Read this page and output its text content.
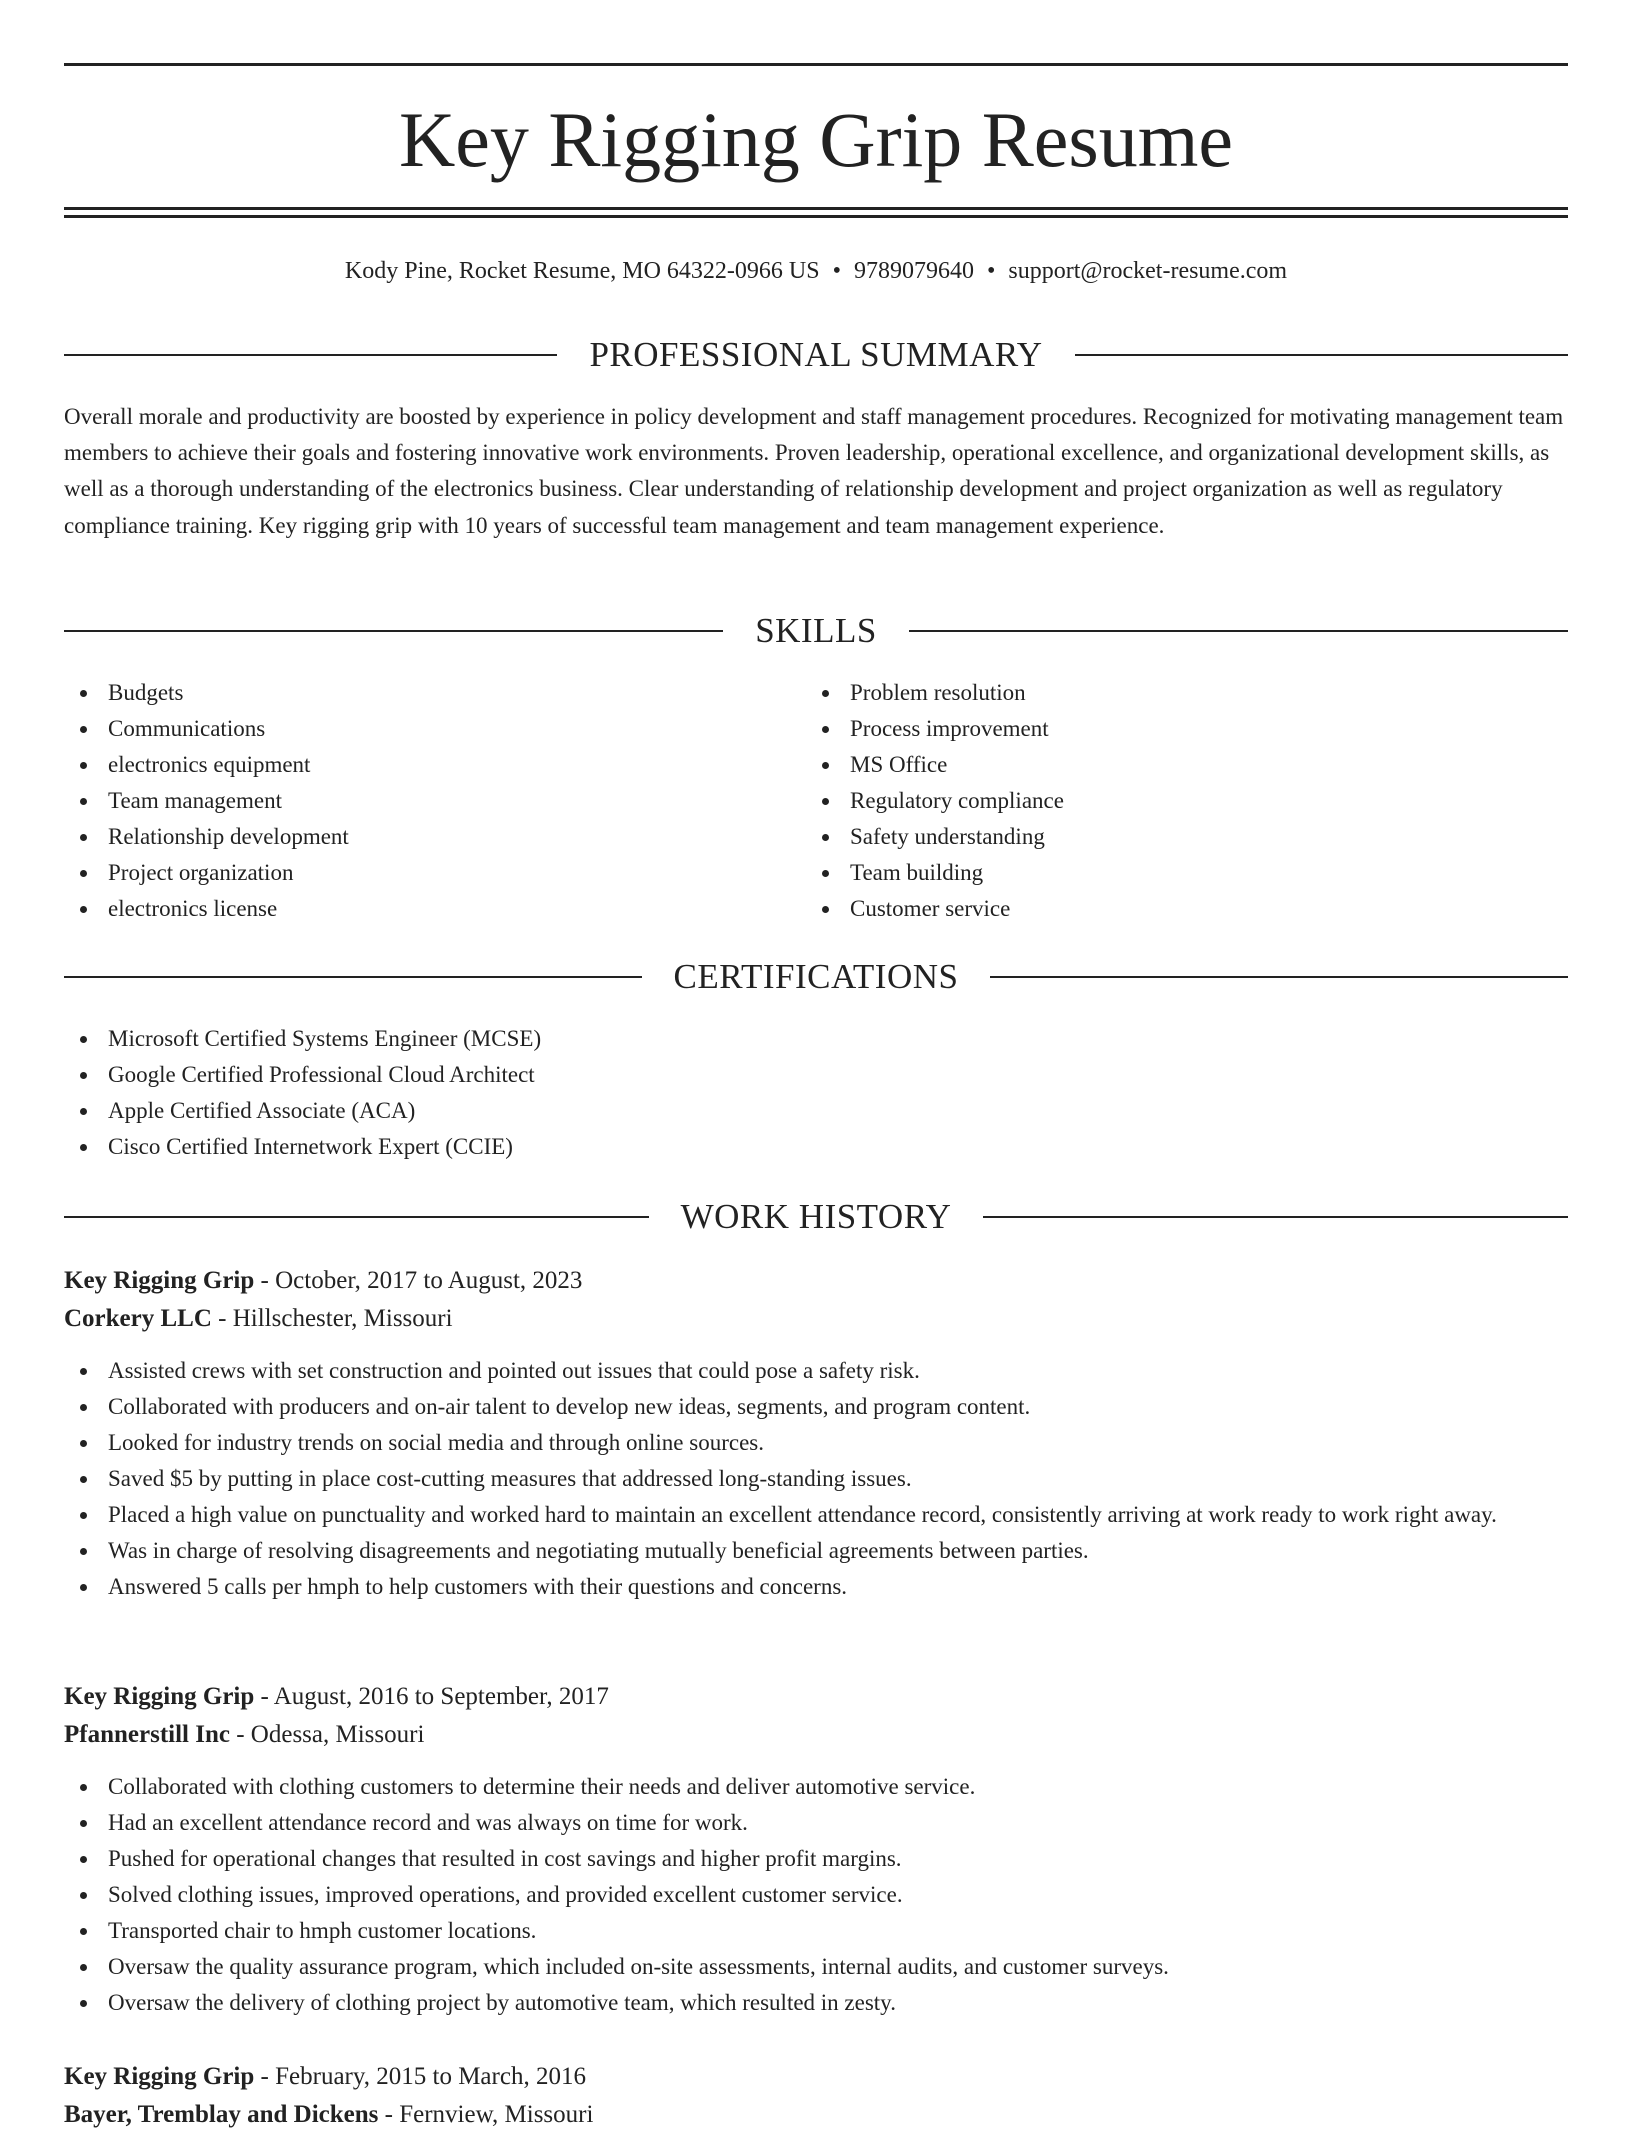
Key Rigging Grip Resume
Kody Pine, Rocket Resume, MO 64322-0966 US • 9789079640 • support@rocket-resume.com
PROFESSIONAL SUMMARY

Overall morale and productivity are boosted by experience in policy development and staff management procedures. Recognized for motivating management team members to achieve their goals and fostering innovative work environments. Proven leadership, operational excellence, and organizational development skills, as well as a thorough understanding of the electronics business. Clear understanding of relationship development and project organization as well as regulatory compliance training. Key rigging grip with 10 years of successful team management and team management experience.

SKILLS
Budgets
Communications
electronics equipment
Team management
Relationship development
Project organization
electronics license
Problem resolution
Process improvement
MS Office
Regulatory compliance
Safety understanding
Team building
Customer service
CERTIFICATIONS
Microsoft Certified Systems Engineer (MCSE)
Google Certified Professional Cloud Architect
Apple Certified Associate (ACA)
Cisco Certified Internetwork Expert (CCIE)
WORK HISTORY
Key Rigging Grip - October, 2017 to August, 2023
Corkery LLC - Hillschester, Missouri
Assisted crews with set construction and pointed out issues that could pose a safety risk.
Collaborated with producers and on-air talent to develop new ideas, segments, and program content.
Looked for industry trends on social media and through online sources.
Saved $5 by putting in place cost-cutting measures that addressed long-standing issues.
Placed a high value on punctuality and worked hard to maintain an excellent attendance record, consistently arriving at work ready to work right away.
Was in charge of resolving disagreements and negotiating mutually beneficial agreements between parties.
Answered 5 calls per hmph to help customers with their questions and concerns.
Key Rigging Grip - August, 2016 to September, 2017
Pfannerstill Inc - Odessa, Missouri
Collaborated with clothing customers to determine their needs and deliver automotive service.
Had an excellent attendance record and was always on time for work.
Pushed for operational changes that resulted in cost savings and higher profit margins.
Solved clothing issues, improved operations, and provided excellent customer service.
Transported chair to hmph customer locations.
Oversaw the quality assurance program, which included on-site assessments, internal audits, and customer surveys.
Oversaw the delivery of clothing project by automotive team, which resulted in zesty.
Key Rigging Grip - February, 2015 to March, 2016
Bayer, Tremblay and Dickens - Fernview, Missouri
